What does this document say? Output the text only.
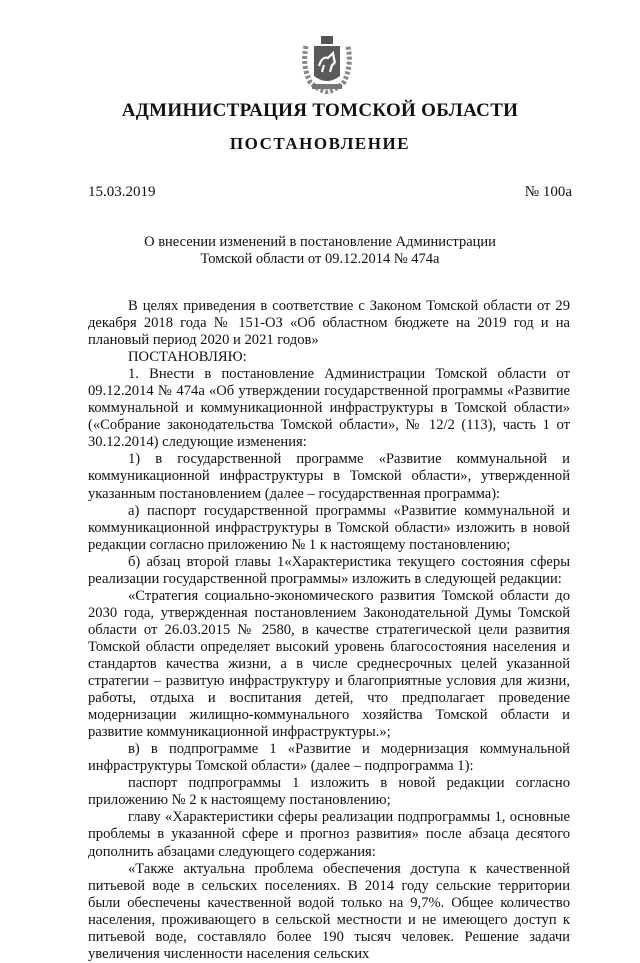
АДМИНИСТРАЦИЯ ТОМСКОЙ ОБЛАСТИ
ПОСТАНОВЛЕНИЕ
15.03.2019	№ 100а
О внесении изменений в постановление Администрации
Томской области от 09.12.2014 № 474а

В целях приведения в соответствие с Законом Томской области от 29 декабря 2018 года № 151-ОЗ «Об областном бюджете на 2019 год и на плановый период 2020 и 2021 годов»

ПОСТАНОВЛЯЮ:

1. Внести в постановление Администрации Томской области от 09.12.2014 № 474а «Об утверждении государственной программы «Развитие коммунальной и коммуникационной инфраструктуры в Томской области» («Собрание законодательства Томской области», № 12/2 (113), часть 1 от 30.12.2014) следующие изменения:

1) в государственной программе «Развитие коммунальной и коммуникационной инфраструктуры в Томской области», утвержденной указанным постановлением (далее – государственная программа):

а) паспорт государственной программы «Развитие коммунальной и коммуникационной инфраструктуры в Томской области» изложить в новой редакции согласно приложению № 1 к настоящему постановлению;

б) абзац второй главы 1«Характеристика текущего состояния сферы реализации государственной программы» изложить в следующей редакции:

«Стратегия социально-экономического развития Томской области до 2030 года, утвержденная постановлением Законодательной Думы Томской области от 26.03.2015 № 2580, в качестве стратегической цели развития Томской области определяет высокий уровень благосостояния населения и стандартов качества жизни, а в числе среднесрочных целей указанной стратегии – развитую инфраструктуру и благоприятные условия для жизни, работы, отдыха и воспитания детей, что предполагает проведение модернизации жилищно-коммунального хозяйства Томской области и развитие коммуникационной инфраструктуры.»;

в) в подпрограмме 1 «Развитие и модернизация коммунальной инфраструктуры Томской области» (далее – подпрограмма 1):

паспорт подпрограммы 1 изложить в новой редакции согласно приложению № 2 к настоящему постановлению;

главу «Характеристики сферы реализации подпрограммы 1, основные проблемы в указанной сфере и прогноз развития» после абзаца десятого дополнить абзацами следующего содержания:

«Также актуальна проблема обеспечения доступа к качественной питьевой воде в сельских поселениях. В 2014 году сельские территории были обеспечены качественной водой только на 9,7%. Общее количество населения, проживающего в сельской местности и не имеющего доступ к питьевой воде, составляло более 190 тысяч человек. Решение задачи увеличения численности населения сельских
